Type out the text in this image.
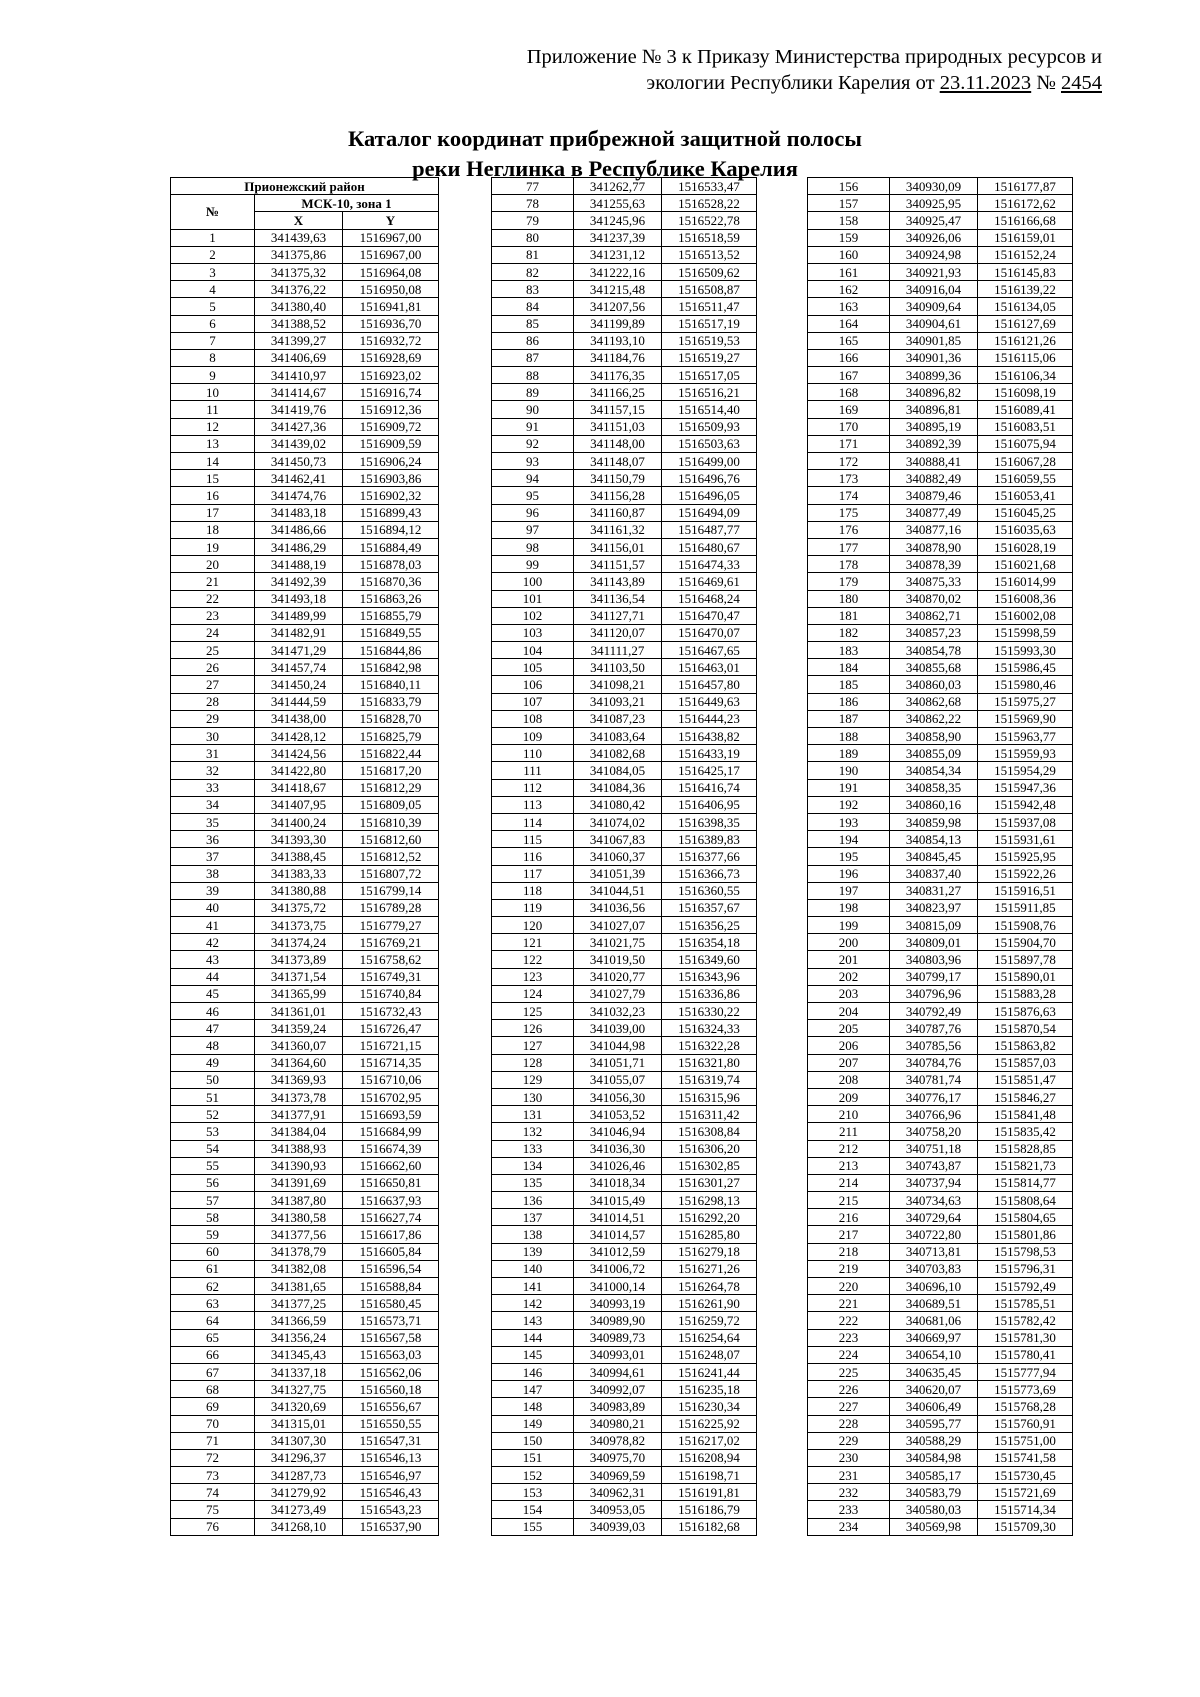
Приложение № 3 к Приказу Министерства природных ресурсов и
экологии Республики Карелия от 23.11.2023 № 2454
Каталог координат прибрежной защитной полосы
реки Неглинка в Республике Карелия
Прионежский район		
№	МСК-10, зона 1	
	X	Y
1	341439,63	1516967,00
2	341375,86	1516967,00
3	341375,32	1516964,08
4	341376,22	1516950,08
5	341380,40	1516941,81
6	341388,52	1516936,70
7	341399,27	1516932,72
8	341406,69	1516928,69
9	341410,97	1516923,02
10	341414,67	1516916,74
11	341419,76	1516912,36
12	341427,36	1516909,72
13	341439,02	1516909,59
14	341450,73	1516906,24
15	341462,41	1516903,86
16	341474,76	1516902,32
17	341483,18	1516899,43
18	341486,66	1516894,12
19	341486,29	1516884,49
20	341488,19	1516878,03
21	341492,39	1516870,36
22	341493,18	1516863,26
23	341489,99	1516855,79
24	341482,91	1516849,55
25	341471,29	1516844,86
26	341457,74	1516842,98
27	341450,24	1516840,11
28	341444,59	1516833,79
29	341438,00	1516828,70
30	341428,12	1516825,79
31	341424,56	1516822,44
32	341422,80	1516817,20
33	341418,67	1516812,29
34	341407,95	1516809,05
35	341400,24	1516810,39
36	341393,30	1516812,60
37	341388,45	1516812,52
38	341383,33	1516807,72
39	341380,88	1516799,14
40	341375,72	1516789,28
41	341373,75	1516779,27
42	341374,24	1516769,21
43	341373,89	1516758,62
44	341371,54	1516749,31
45	341365,99	1516740,84
46	341361,01	1516732,43
47	341359,24	1516726,47
48	341360,07	1516721,15
49	341364,60	1516714,35
50	341369,93	1516710,06
51	341373,78	1516702,95
52	341377,91	1516693,59
53	341384,04	1516684,99
54	341388,93	1516674,39
55	341390,93	1516662,60
56	341391,69	1516650,81
57	341387,80	1516637,93
58	341380,58	1516627,74
59	341377,56	1516617,86
60	341378,79	1516605,84
61	341382,08	1516596,54
62	341381,65	1516588,84
63	341377,25	1516580,45
64	341366,59	1516573,71
65	341356,24	1516567,58
66	341345,43	1516563,03
67	341337,18	1516562,06
68	341327,75	1516560,18
69	341320,69	1516556,67
70	341315,01	1516550,55
71	341307,30	1516547,31
72	341296,37	1516546,13
73	341287,73	1516546,97
74	341279,92	1516546,43
75	341273,49	1516543,23
76	341268,10	1516537,90
77	341262,77	1516533,47
78	341255,63	1516528,22
79	341245,96	1516522,78
80	341237,39	1516518,59
81	341231,12	1516513,52
82	341222,16	1516509,62
83	341215,48	1516508,87
84	341207,56	1516511,47
85	341199,89	1516517,19
86	341193,10	1516519,53
87	341184,76	1516519,27
88	341176,35	1516517,05
89	341166,25	1516516,21
90	341157,15	1516514,40
91	341151,03	1516509,93
92	341148,00	1516503,63
93	341148,07	1516499,00
94	341150,79	1516496,76
95	341156,28	1516496,05
96	341160,87	1516494,09
97	341161,32	1516487,77
98	341156,01	1516480,67
99	341151,57	1516474,33
100	341143,89	1516469,61
101	341136,54	1516468,24
102	341127,71	1516470,47
103	341120,07	1516470,07
104	341111,27	1516467,65
105	341103,50	1516463,01
106	341098,21	1516457,80
107	341093,21	1516449,63
108	341087,23	1516444,23
109	341083,64	1516438,82
110	341082,68	1516433,19
111	341084,05	1516425,17
112	341084,36	1516416,74
113	341080,42	1516406,95
114	341074,02	1516398,35
115	341067,83	1516389,83
116	341060,37	1516377,66
117	341051,39	1516366,73
118	341044,51	1516360,55
119	341036,56	1516357,67
120	341027,07	1516356,25
121	341021,75	1516354,18
122	341019,50	1516349,60
123	341020,77	1516343,96
124	341027,79	1516336,86
125	341032,23	1516330,22
126	341039,00	1516324,33
127	341044,98	1516322,28
128	341051,71	1516321,80
129	341055,07	1516319,74
130	341056,30	1516315,96
131	341053,52	1516311,42
132	341046,94	1516308,84
133	341036,30	1516306,20
134	341026,46	1516302,85
135	341018,34	1516301,27
136	341015,49	1516298,13
137	341014,51	1516292,20
138	341014,57	1516285,80
139	341012,59	1516279,18
140	341006,72	1516271,26
141	341000,14	1516264,78
142	340993,19	1516261,90
143	340989,90	1516259,72
144	340989,73	1516254,64
145	340993,01	1516248,07
146	340994,61	1516241,44
147	340992,07	1516235,18
148	340983,89	1516230,34
149	340980,21	1516225,92
150	340978,82	1516217,02
151	340975,70	1516208,94
152	340969,59	1516198,71
153	340962,31	1516191,81
154	340953,05	1516186,79
155	340939,03	1516182,68
156	340930,09	1516177,87
157	340925,95	1516172,62
158	340925,47	1516166,68
159	340926,06	1516159,01
160	340924,98	1516152,24
161	340921,93	1516145,83
162	340916,04	1516139,22
163	340909,64	1516134,05
164	340904,61	1516127,69
165	340901,85	1516121,26
166	340901,36	1516115,06
167	340899,36	1516106,34
168	340896,82	1516098,19
169	340896,81	1516089,41
170	340895,19	1516083,51
171	340892,39	1516075,94
172	340888,41	1516067,28
173	340882,49	1516059,55
174	340879,46	1516053,41
175	340877,49	1516045,25
176	340877,16	1516035,63
177	340878,90	1516028,19
178	340878,39	1516021,68
179	340875,33	1516014,99
180	340870,02	1516008,36
181	340862,71	1516002,08
182	340857,23	1515998,59
183	340854,78	1515993,30
184	340855,68	1515986,45
185	340860,03	1515980,46
186	340862,68	1515975,27
187	340862,22	1515969,90
188	340858,90	1515963,77
189	340855,09	1515959,93
190	340854,34	1515954,29
191	340858,35	1515947,36
192	340860,16	1515942,48
193	340859,98	1515937,08
194	340854,13	1515931,61
195	340845,45	1515925,95
196	340837,40	1515922,26
197	340831,27	1515916,51
198	340823,97	1515911,85
199	340815,09	1515908,76
200	340809,01	1515904,70
201	340803,96	1515897,78
202	340799,17	1515890,01
203	340796,96	1515883,28
204	340792,49	1515876,63
205	340787,76	1515870,54
206	340785,56	1515863,82
207	340784,76	1515857,03
208	340781,74	1515851,47
209	340776,17	1515846,27
210	340766,96	1515841,48
211	340758,20	1515835,42
212	340751,18	1515828,85
213	340743,87	1515821,73
214	340737,94	1515814,77
215	340734,63	1515808,64
216	340729,64	1515804,65
217	340722,80	1515801,86
218	340713,81	1515798,53
219	340703,83	1515796,31
220	340696,10	1515792,49
221	340689,51	1515785,51
222	340681,06	1515782,42
223	340669,97	1515781,30
224	340654,10	1515780,41
225	340635,45	1515777,94
226	340620,07	1515773,69
227	340606,49	1515768,28
228	340595,77	1515760,91
229	340588,29	1515751,00
230	340584,98	1515741,58
231	340585,17	1515730,45
232	340583,79	1515721,69
233	340580,03	1515714,34
234	340569,98	1515709,30
